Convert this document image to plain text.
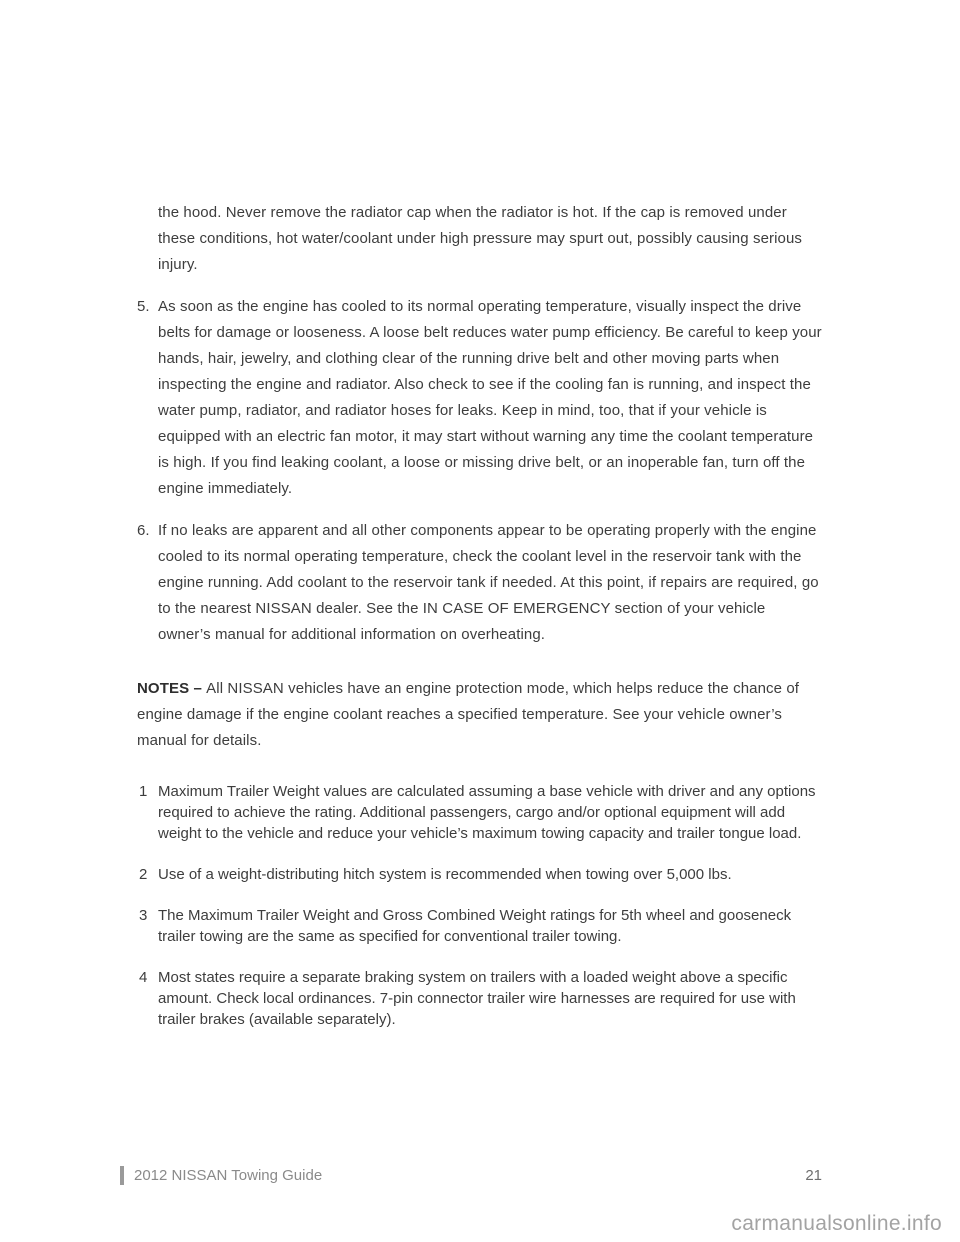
the hood. Never remove the radiator cap when the radiator is hot. If the cap is removed under these conditions, hot water/coolant under high pressure may spurt out, possibly causing serious injury.

5. As soon as the engine has cooled to its normal operating temperature, visually inspect the drive belts for damage or looseness. A loose belt reduces water pump efficiency. Be careful to keep your hands, hair, jewelry, and clothing clear of the running drive belt and other moving parts when inspecting the engine and radiator. Also check to see if the cooling fan is running, and inspect the water pump, radiator, and radiator hoses for leaks. Keep in mind, too, that if your vehicle is equipped with an electric fan motor, it may start without warning any time the coolant temperature is high. If you find leaking coolant, a loose or missing drive belt, or an inoperable fan, turn off the engine immediately.
6. If no leaks are apparent and all other components appear to be operating properly with the engine cooled to its normal operating temperature, check the coolant level in the reservoir tank with the engine running. Add coolant to the reservoir tank if needed. At this point, if repairs are required, go to the nearest NISSAN dealer. See the IN CASE OF EMERGENCY section of your vehicle owner’s manual for additional information on overheating.

NOTES – All NISSAN vehicles have an engine protection mode, which helps reduce the chance of engine damage if the engine coolant reaches a specified temperature. See your vehicle owner’s manual for details.

1 Maximum Trailer Weight values are calculated assuming a base vehicle with driver and any options required to achieve the rating. Additional passengers, cargo and/or optional equipment will add weight to the vehicle and reduce your vehicle’s maximum towing capacity and trailer tongue load.
2 Use of a weight-distributing hitch system is recommended when towing over 5,000 lbs.
3 The Maximum Trailer Weight and Gross Combined Weight ratings for 5th wheel and gooseneck trailer towing are the same as specified for conventional trailer towing.
4 Most states require a separate braking system on trailers with a loaded weight above a specific amount. Check local ordinances. 7-pin connector trailer wire harnesses are required for use with trailer brakes (available separately).
2012 NISSAN Towing Guide	21
carmanualsonline.info
